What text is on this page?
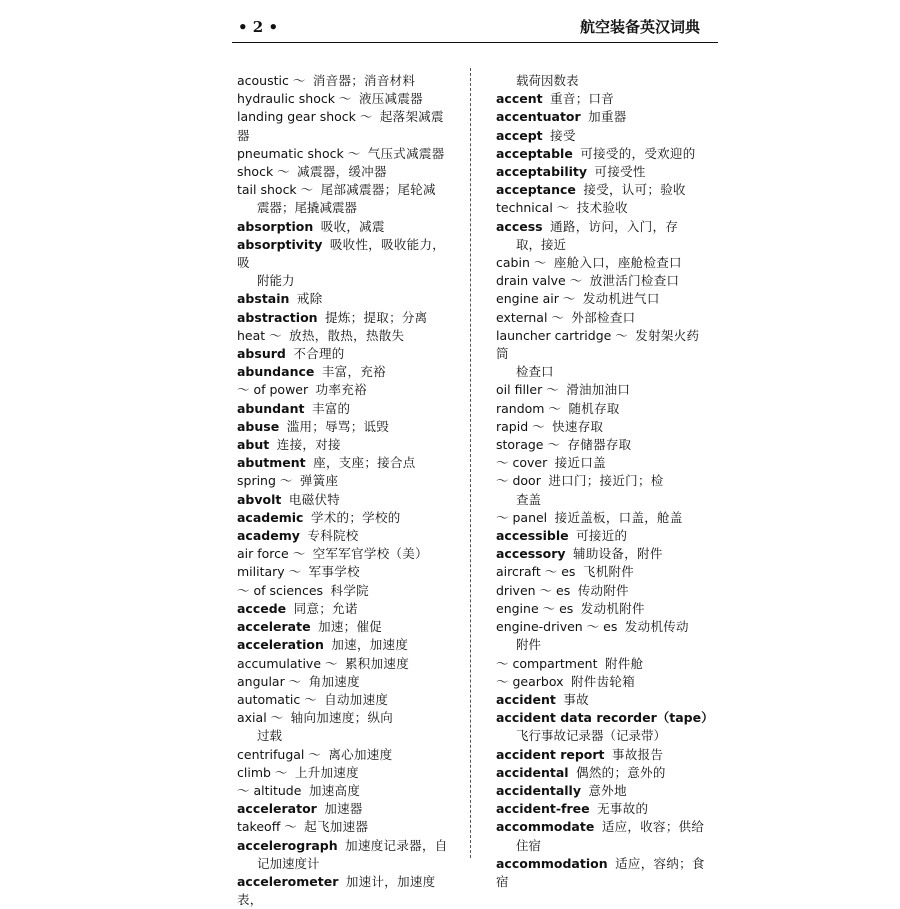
• 2 •	航空装备英汉词典
acoustic ～ 消音器；消音材料
hydraulic shock ～ 液压减震器
landing gear shock ～ 起落架减震器
pneumatic shock ～ 气压式减震器
shock ～ 减震器，缓冲器
tail shock ～ 尾部减震器；尾轮减
震器；尾撬减震器
absorption 吸收，减震
absorptivity 吸收性，吸收能力，吸
附能力
abstain 戒除
abstraction 提炼；提取；分离
heat ～ 放热，散热，热散失
absurd 不合理的
abundance 丰富，充裕
～ of power 功率充裕
abundant 丰富的
abuse 滥用；辱骂；诋毁
abut 连接，对接
abutment 座，支座；接合点
spring ～ 弹簧座
abvolt 电磁伏特
academic 学术的；学校的
academy 专科院校
air force ～ 空军军官学校（美）
military ～ 军事学校
～ of sciences 科学院
accede 同意；允诺
accelerate 加速；催促
acceleration 加速，加速度
accumulative ～ 累积加速度
angular ～ 角加速度
automatic ～ 自动加速度
axial ～ 轴向加速度；纵向
过载
centrifugal ～ 离心加速度
climb ～ 上升加速度
～ altitude 加速高度
accelerator 加速器
takeoff ～ 起飞加速器
accelerograph 加速度记录器，自
记加速度计
accelerometer 加速计，加速度表，
载荷因数表
accent 重音；口音
accentuator 加重器
accept 接受
acceptable 可接受的，受欢迎的
acceptability 可接受性
acceptance 接受，认可；验收
technical ～ 技术验收
access 通路，访问，入门，存
取，接近
cabin ～ 座舱入口，座舱检查口
drain valve ～ 放泄活门检查口
engine air ～ 发动机进气口
external ～ 外部检查口
launcher cartridge ～ 发射架火药筒
检查口
oil filler ～ 滑油加油口
random ～ 随机存取
rapid ～ 快速存取
storage ～ 存储器存取
～ cover 接近口盖
～ door 进口门；接近门；检
查盖
～ panel 接近盖板，口盖，舱盖
accessible 可接近的
accessory 辅助设备，附件
aircraft ～ es 飞机附件
driven ～ es 传动附件
engine ～ es 发动机附件
engine-driven ～ es 发动机传动
附件
～ compartment 附件舱
～ gearbox 附件齿轮箱
accident 事故
accident data recorder（tape）
飞行事故记录器（记录带）
accident report 事故报告
accidental 偶然的；意外的
accidentally 意外地
accident-free 无事故的
accommodate 适应，收容；供给
住宿
accommodation 适应，容纳；食宿
